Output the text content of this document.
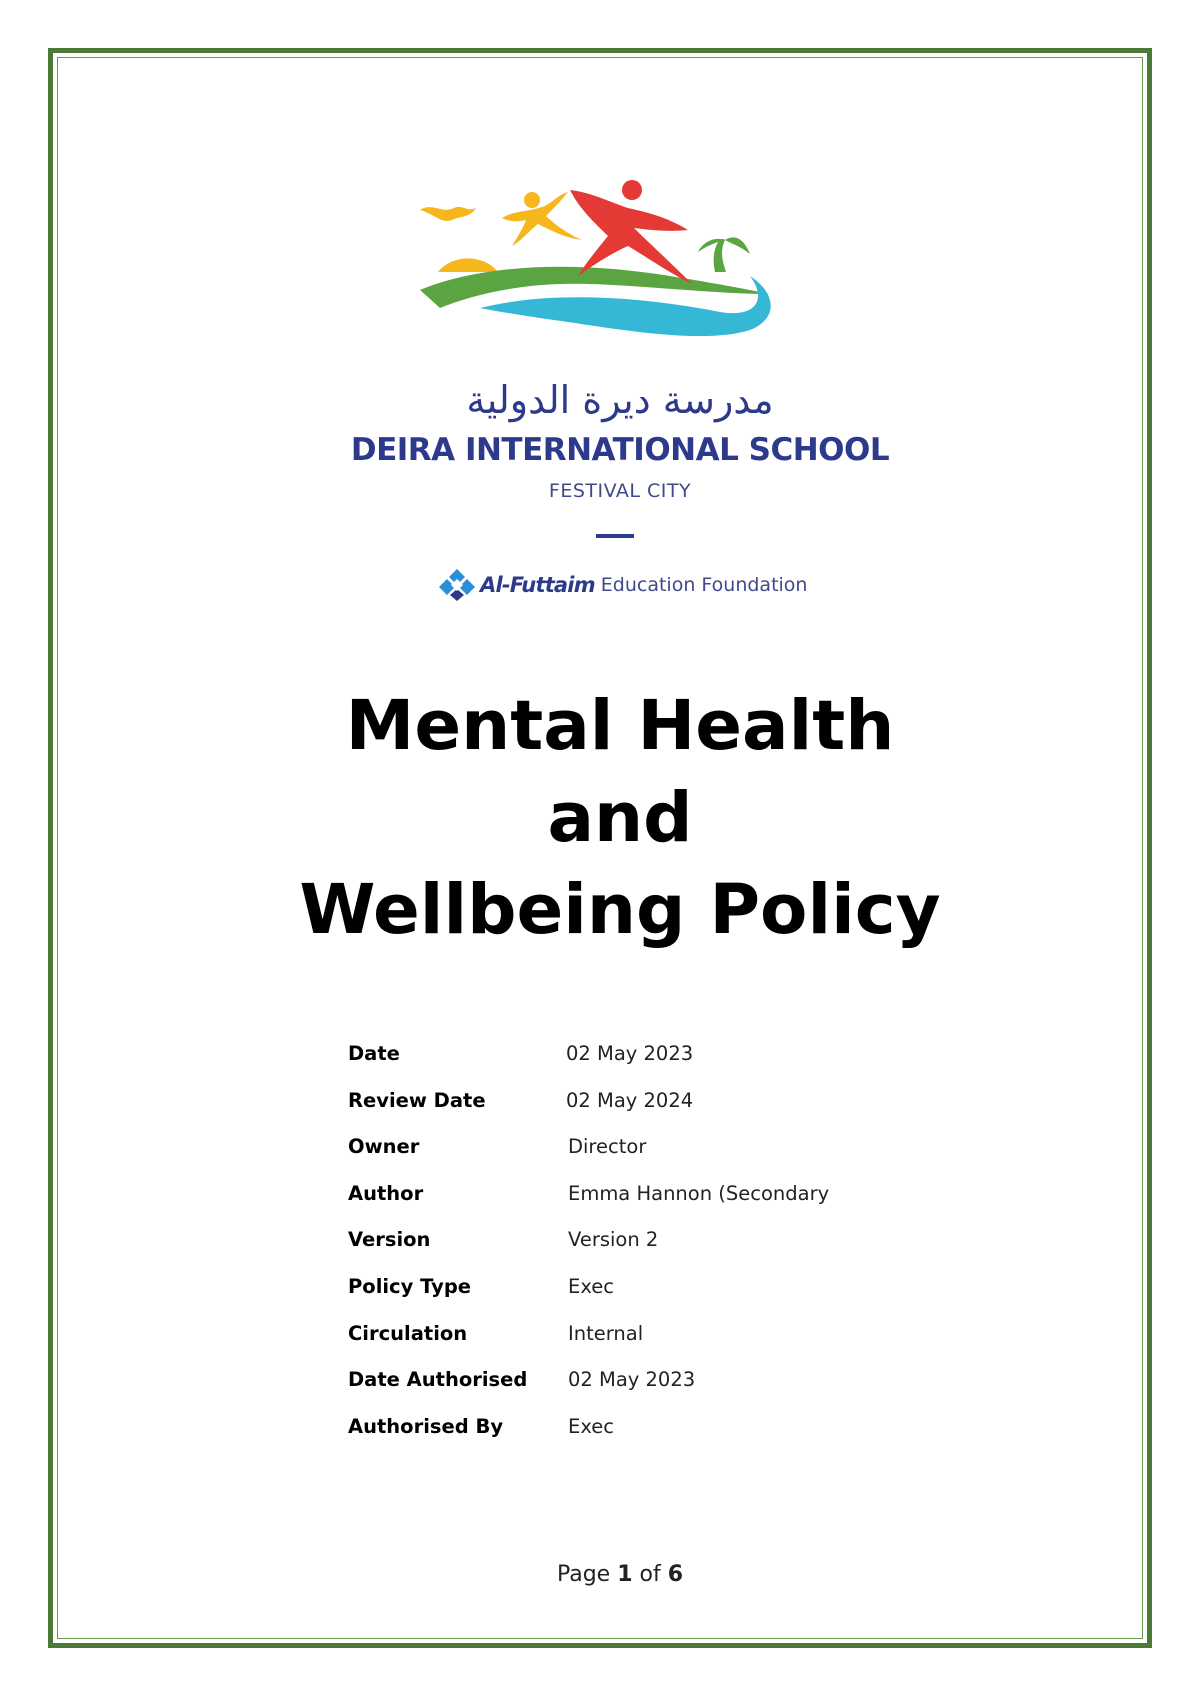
مدرسة ديرة الدولية
DEIRA INTERNATIONAL SCHOOL
FESTIVAL CITY
Al-Futtaim Education Foundation
Mental Health
and
Wellbeing Policy
Date	02 May 2023
Review Date	02 May 2024
Owner	Director
Author	Emma Hannon (Secondary
Version	Version 2
Policy Type	Exec
Circulation	Internal
Date Authorised 02 May 2023
Authorised By	Exec
Page 1 of 6
